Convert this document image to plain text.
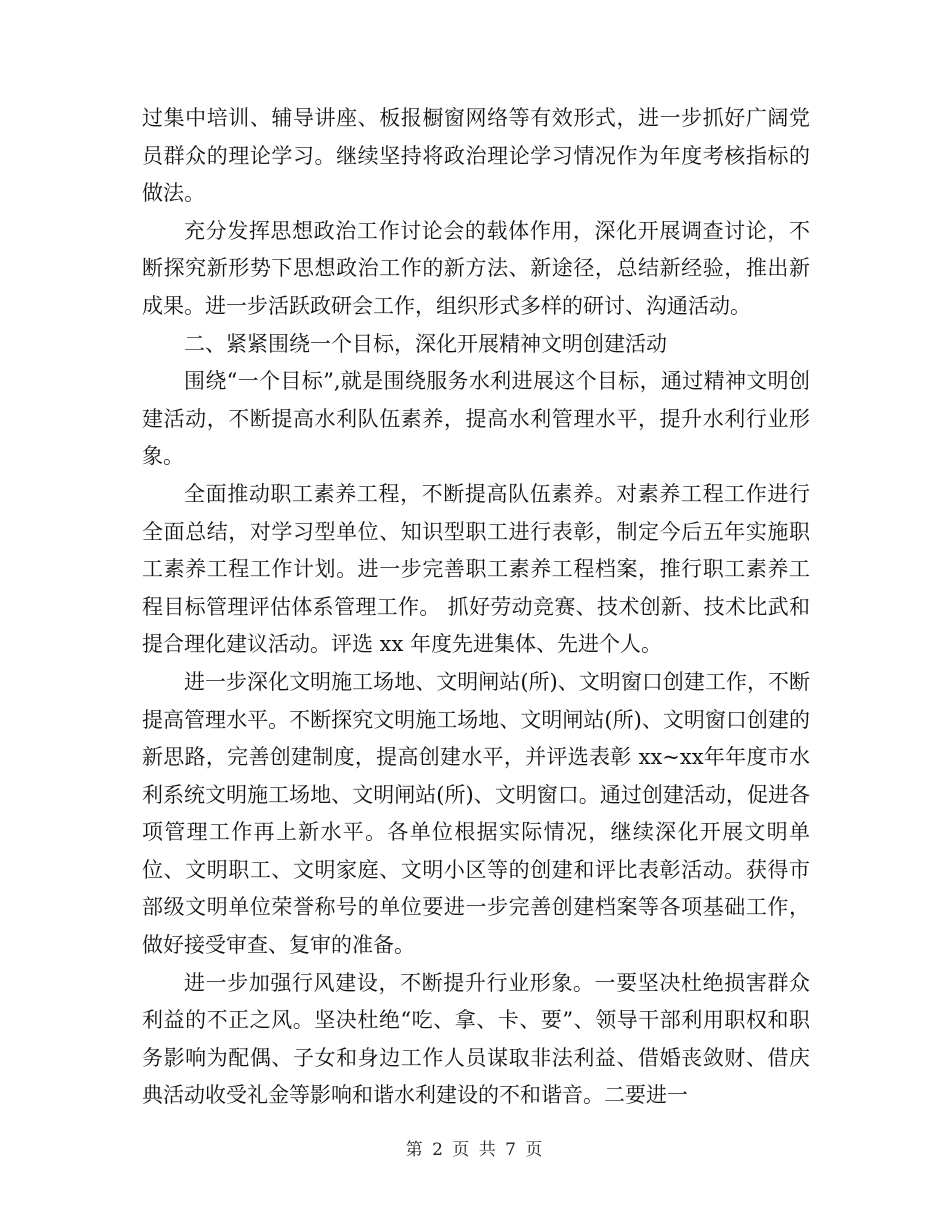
过集中培训、辅导讲座、板报橱窗网络等有效形式，进一步抓好广阔党员群众的理论学习。继续坚持将政治理论学习情况作为年度考核指标的做法。

充分发挥思想政治工作讨论会的载体作用，深化开展调查讨论，不断探究新形势下思想政治工作的新方法、新途径，总结新经验，推出新成果。进一步活跃政研会工作，组织形式多样的研讨、沟通活动。

二、紧紧围绕一个目标，深化开展精神文明创建活动

围绕“一个目标”,就是围绕服务水利进展这个目标，通过精神文明创建活动，不断提高水利队伍素养，提高水利管理水平，提升水利行业形象。

全面推动职工素养工程，不断提高队伍素养。对素养工程工作进行全面总结，对学习型单位、知识型职工进行表彰，制定今后五年实施职工素养工程工作计划。进一步完善职工素养工程档案，推行职工素养工程目标管理评估体系管理工作。 抓好劳动竞赛、技术创新、技术比武和提合理化建议活动。评选 xx 年度先进集体、先进个人。

进一步深化文明施工场地、文明闸站(所)、文明窗口创建工作，不断提高管理水平。不断探究文明施工场地、文明闸站(所)、文明窗口创建的新思路，完善创建制度，提高创建水平，并评选表彰 xx~xx年年度市水利系统文明施工场地、文明闸站(所)、文明窗口。通过创建活动，促进各项管理工作再上新水平。各单位根据实际情况，继续深化开展文明单位、文明职工、文明家庭、文明小区等的创建和评比表彰活动。获得市部级文明单位荣誉称号的单位要进一步完善创建档案等各项基础工作，做好接受审查、复审的准备。

进一步加强行风建设，不断提升行业形象。一要坚决杜绝损害群众利益的不正之风。坚决杜绝“吃、拿、卡、要”、领导干部利用职权和职务影响为配偶、子女和身边工作人员谋取非法利益、借婚丧敛财、借庆典活动收受礼金等影响和谐水利建设的不和谐音。二要进一

第 2 页 共 7 页
